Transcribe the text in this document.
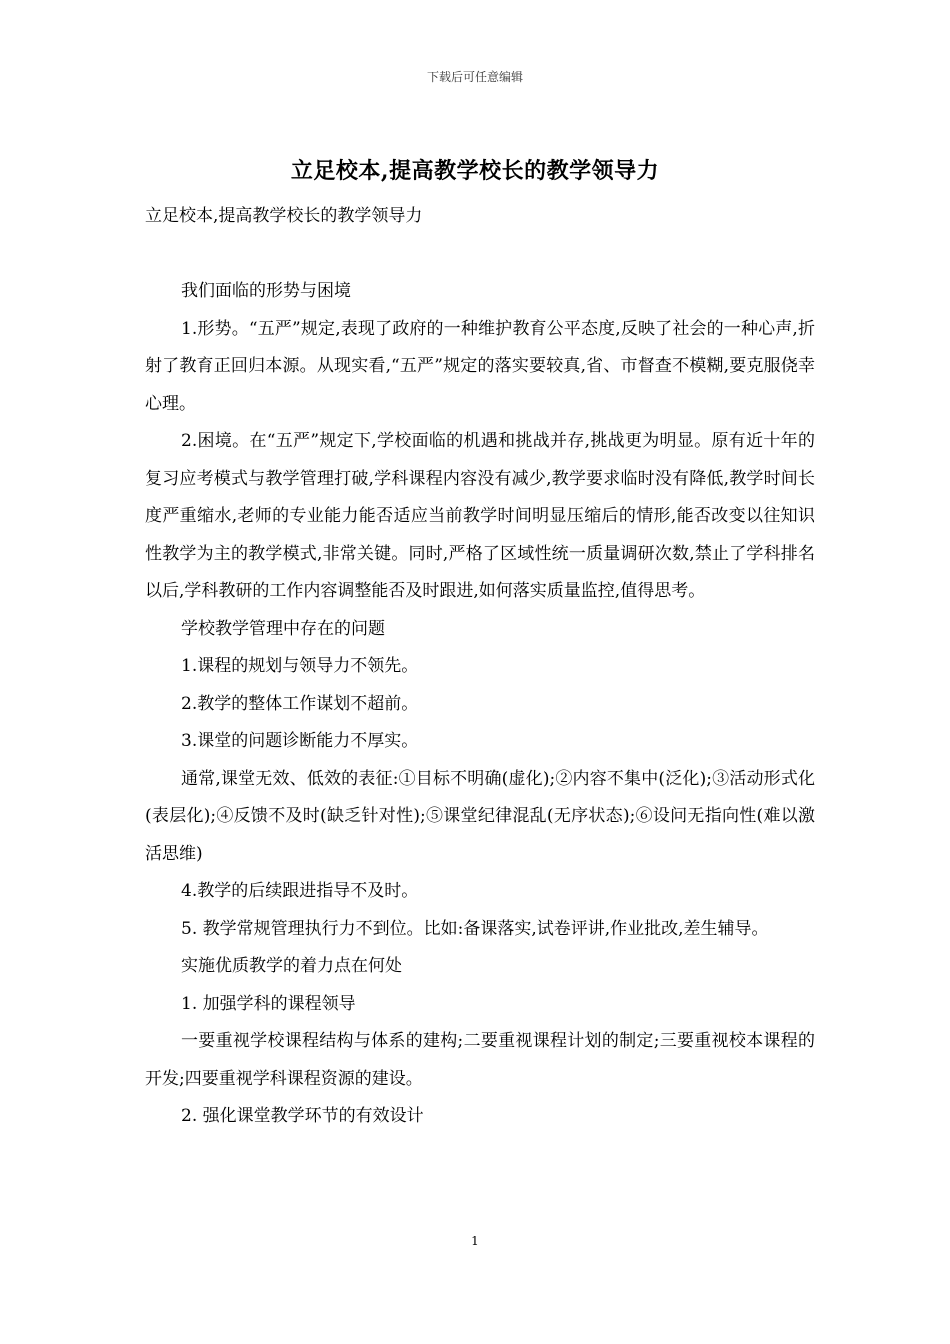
下载后可任意编辑
立足校本,提高教学校长的教学领导力

立足校本,提高教学校长的教学领导力

我们面临的形势与困境

1.形势。“五严”规定,表现了政府的一种维护教育公平态度,反映了社会的一种心声,折射了教育正回归本源。从现实看,“五严”规定的落实要较真,省、市督查不模糊,要克服侥幸心理。

2.困境。在“五严”规定下,学校面临的机遇和挑战并存,挑战更为明显。原有近十年的复习应考模式与教学管理打破,学科课程内容没有减少,教学要求临时没有降低,教学时间长度严重缩水,老师的专业能力能否适应当前教学时间明显压缩后的情形,能否改变以往知识性教学为主的教学模式,非常关键。同时,严格了区域性统一质量调研次数,禁止了学科排名以后,学科教研的工作内容调整能否及时跟进,如何落实质量监控,值得思考。

学校教学管理中存在的问题

1.课程的规划与领导力不领先。

2.教学的整体工作谋划不超前。

3.课堂的问题诊断能力不厚实。

通常,课堂无效、低效的表征:①目标不明确(虚化);②内容不集中(泛化);③活动形式化(表层化);④反馈不及时(缺乏针对性);⑤课堂纪律混乱(无序状态);⑥设问无指向性(难以激活思维)

4.教学的后续跟进指导不及时。

5. 教学常规管理执行力不到位。比如:备课落实,试卷评讲,作业批改,差生辅导。

实施优质教学的着力点在何处

1. 加强学科的课程领导

一要重视学校课程结构与体系的建构;二要重视课程计划的制定;三要重视校本课程的开发;四要重视学科课程资源的建设。

2. 强化课堂教学环节的有效设计

1
